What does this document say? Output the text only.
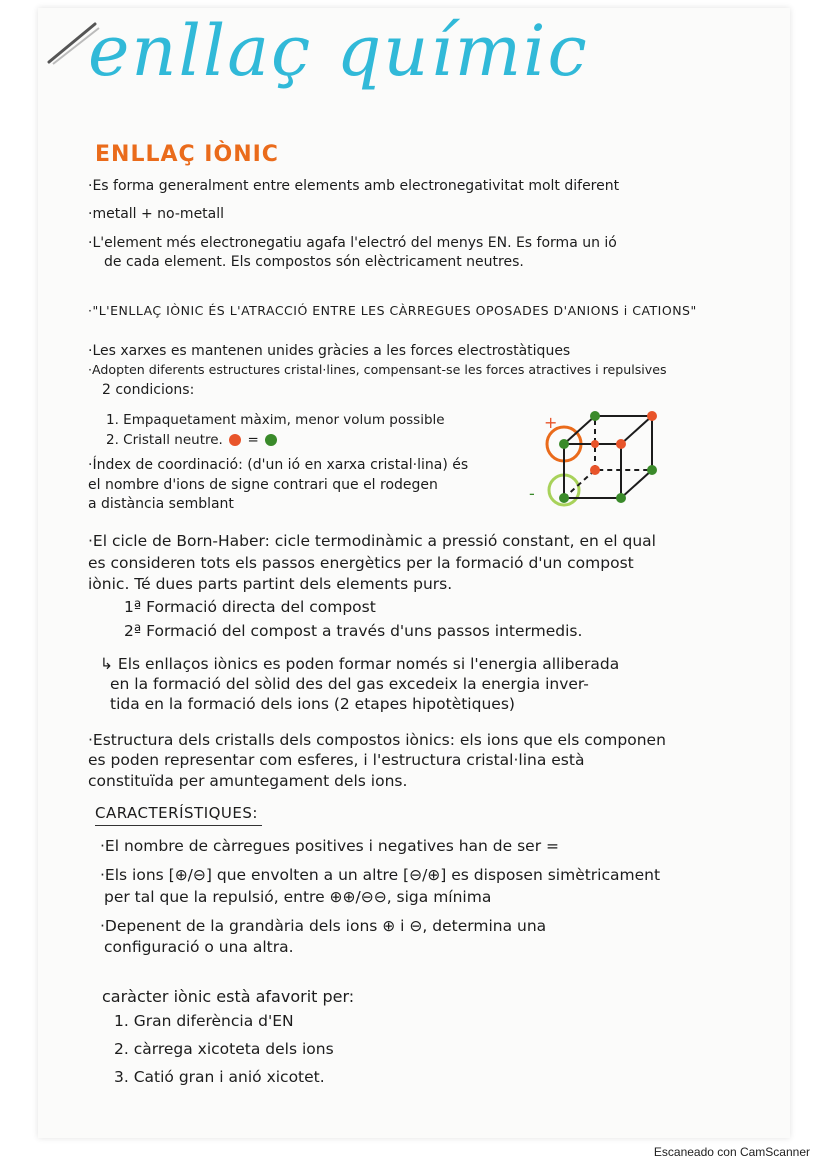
enllaç químic
ENLLAÇ IÒNIC
·Es forma generalment entre elements amb electronegativitat molt diferent
·metall + no-metall
·L'element més electronegatiu agafa l'electró del menys EN. Es forma un ió
de cada element. Els compostos són elèctricament neutres.
·"L'ENLLAÇ IÒNIC ÉS L'ATRACCIÓ ENTRE LES CÀRREGUES OPOSADES D'ANIONS i CATIONS"
·Les xarxes es mantenen unides gràcies a les forces electrostàtiques
·Adopten diferents estructures cristal·lines, compensant-se les forces atractives i repulsives
2 condicions:
1. Empaquetament màxim, menor volum possible
2. Cristall neutre. =
·Índex de coordinació: (d'un ió en xarxa cristal·lina) és
el nombre d'ions de signe contrari que el rodegen
a distància semblant
+
-
·El cicle de Born-Haber: cicle termodinàmic a pressió constant, en el qual
es consideren tots els passos energètics per la formació d'un compost
iònic. Té dues parts partint dels elements purs.
1ª Formació directa del compost
2ª Formació del compost a través d'uns passos intermedis.
↳ Els enllaços iònics es poden formar només si l'energia alliberada
en la formació del sòlid des del gas excedeix la energia inver-
tida en la formació dels ions (2 etapes hipotètiques)
·Estructura dels cristalls dels compostos iònics: els ions que els componen
es poden representar com esferes, i l'estructura cristal·lina està
constituïda per amuntegament dels ions.
CARACTERÍSTIQUES:
·El nombre de càrregues positives i negatives han de ser =
·Els ions [⊕/⊖] que envolten a un altre [⊖/⊕] es disposen simètricament
per tal que la repulsió, entre ⊕⊕/⊖⊖, siga mínima
·Depenent de la grandària dels ions ⊕ i ⊖, determina una
configuració o una altra.
caràcter iònic està afavorit per:
1. Gran diferència d'EN
2. càrrega xicoteta dels ions
3. Catió gran i anió xicotet.
Escaneado con CamScanner
